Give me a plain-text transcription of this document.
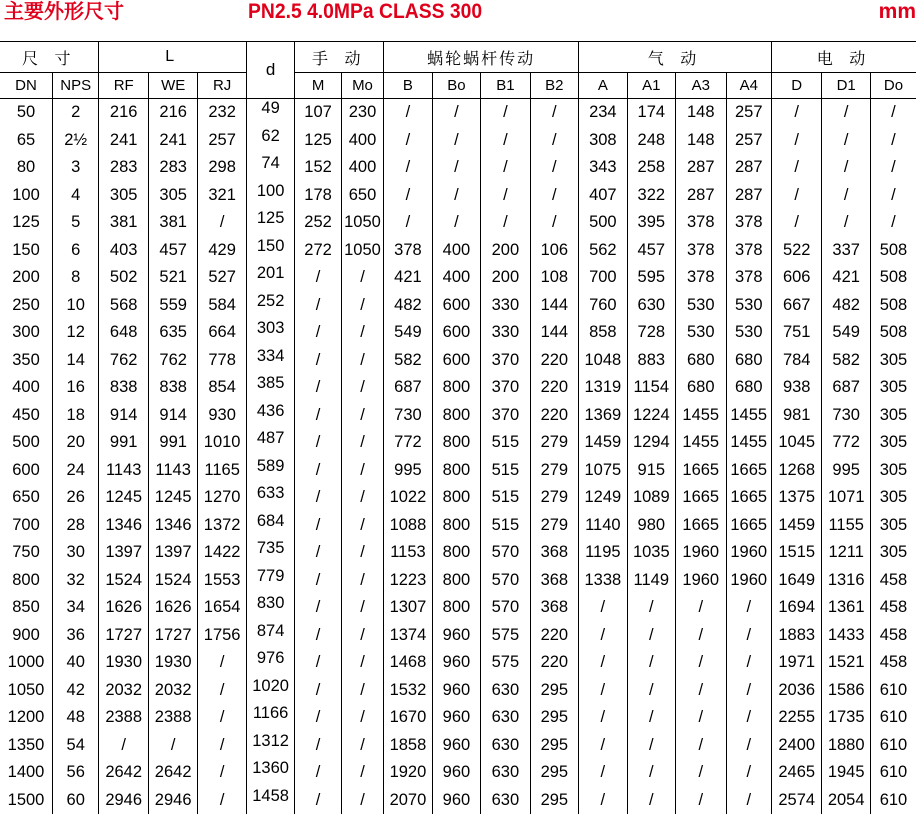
主要外形尺寸	PN2.5 4.0MPa CLASS 300	mm
尺 寸		L			d	手 动		蜗轮蜗杆传动				气 动				电 动		
DN	NPS	RF	WE	RJ		M	Mo	B	Bo	B1	B2	A	A1	A3	A4	D	D1	Do
50	2	216	216	232	49	107	230	/	/	/	/	234	174	148	257	/	/	/
65	2½	241	241	257	62	125	400	/	/	/	/	308	248	148	257	/	/	/
80	3	283	283	298	74	152	400	/	/	/	/	343	258	287	287	/	/	/
100	4	305	305	321	100	178	650	/	/	/	/	407	322	287	287	/	/	/
125	5	381	381	/	125	252	1050	/	/	/	/	500	395	378	378	/	/	/
150	6	403	457	429	150	272	1050	378	400	200	106	562	457	378	378	522	337	508
200	8	502	521	527	201	/	/	421	400	200	108	700	595	378	378	606	421	508
250	10	568	559	584	252	/	/	482	600	330	144	760	630	530	530	667	482	508
300	12	648	635	664	303	/	/	549	600	330	144	858	728	530	530	751	549	508
350	14	762	762	778	334	/	/	582	600	370	220	1048	883	680	680	784	582	305
400	16	838	838	854	385	/	/	687	800	370	220	1319	1154	680	680	938	687	305
450	18	914	914	930	436	/	/	730	800	370	220	1369	1224	1455	1455	981	730	305
500	20	991	991	1010	487	/	/	772	800	515	279	1459	1294	1455	1455	1045	772	305
600	24	1143	1143	1165	589	/	/	995	800	515	279	1075	915	1665	1665	1268	995	305
650	26	1245	1245	1270	633	/	/	1022	800	515	279	1249	1089	1665	1665	1375	1071	305
700	28	1346	1346	1372	684	/	/	1088	800	515	279	1140	980	1665	1665	1459	1155	305
750	30	1397	1397	1422	735	/	/	1153	800	570	368	1195	1035	1960	1960	1515	1211	305
800	32	1524	1524	1553	779	/	/	1223	800	570	368	1338	1149	1960	1960	1649	1316	458
850	34	1626	1626	1654	830	/	/	1307	800	570	368	/	/	/	/	1694	1361	458
900	36	1727	1727	1756	874	/	/	1374	960	575	220	/	/	/	/	1883	1433	458
1000	40	1930	1930	/	976	/	/	1468	960	575	220	/	/	/	/	1971	1521	458
1050	42	2032	2032	/	1020	/	/	1532	960	630	295	/	/	/	/	2036	1586	610
1200	48	2388	2388	/	1166	/	/	1670	960	630	295	/	/	/	/	2255	1735	610
1350	54	/	/	/	1312	/	/	1858	960	630	295	/	/	/	/	2400	1880	610
1400	56	2642	2642	/	1360	/	/	1920	960	630	295	/	/	/	/	2465	1945	610
1500	60	2946	2946	/	1458	/	/	2070	960	630	295	/	/	/	/	2574	2054	610
